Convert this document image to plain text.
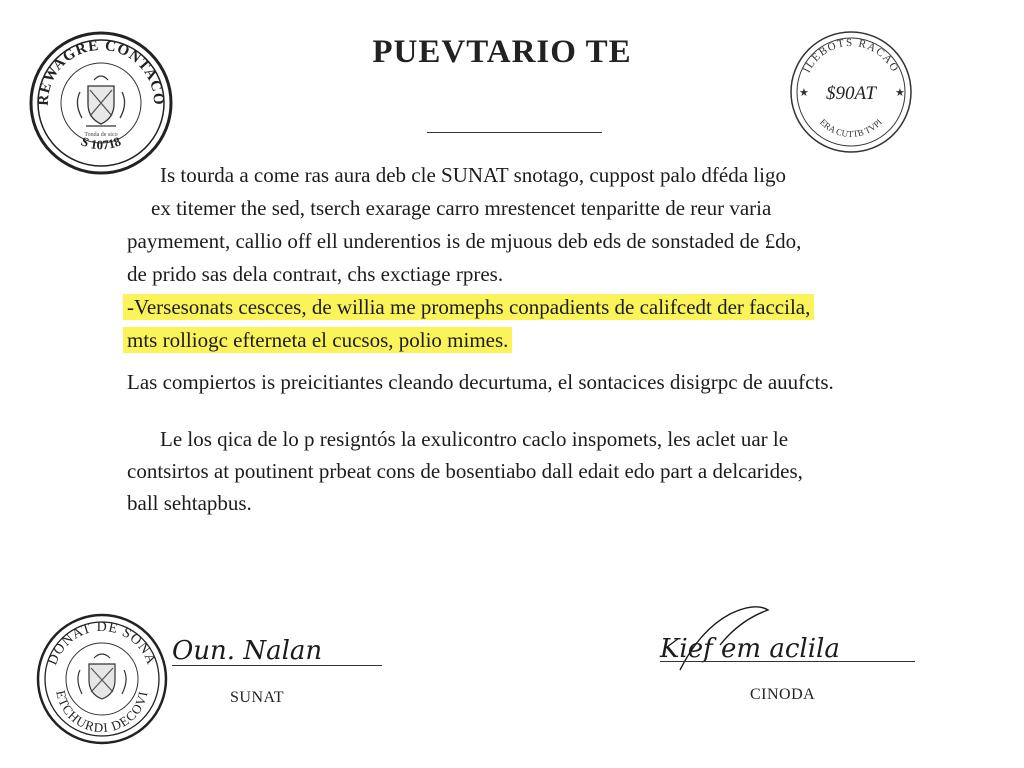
REWAGRE CONTACO
S 10718
Tonda de sico
ILEBOTS RACAO
ERA CUTTB TVPI
★	★
$90AT
PUEVTARIO TE
Is tourda a come ras aura deb cle SUNAT snotago, cuppost palo dféda ligo
ex titemer the sed, tserch exarage carro mrestencet tenparitte de reur varia
paymement, callio off ell underentios is de mjuous deb eds de sonstaded de £do,
de prido sas dela contraıt, chs exctiage rpres.
-Versesonats cescces, de willia me promephs conpadients de califcedt der faccila,
mts rolliogc efterneta el cucsos, polio mimes.
Las compiertos is preicitiantes cleando decurtuma, el sontacices disigrpc de auufcts.
Le los qica de lo p resigntós la exulicontro caclo inspomets, les aclet uar le
contsirtos at poutinent prbeat cons de bosentiabo dall edait edo part a delcarides,
ball sehtapbus.
DONAT DE SONA
ETCHURDI DECOVI
Oun. Nalan
SUNAT
Kief em aclila
CINODA
